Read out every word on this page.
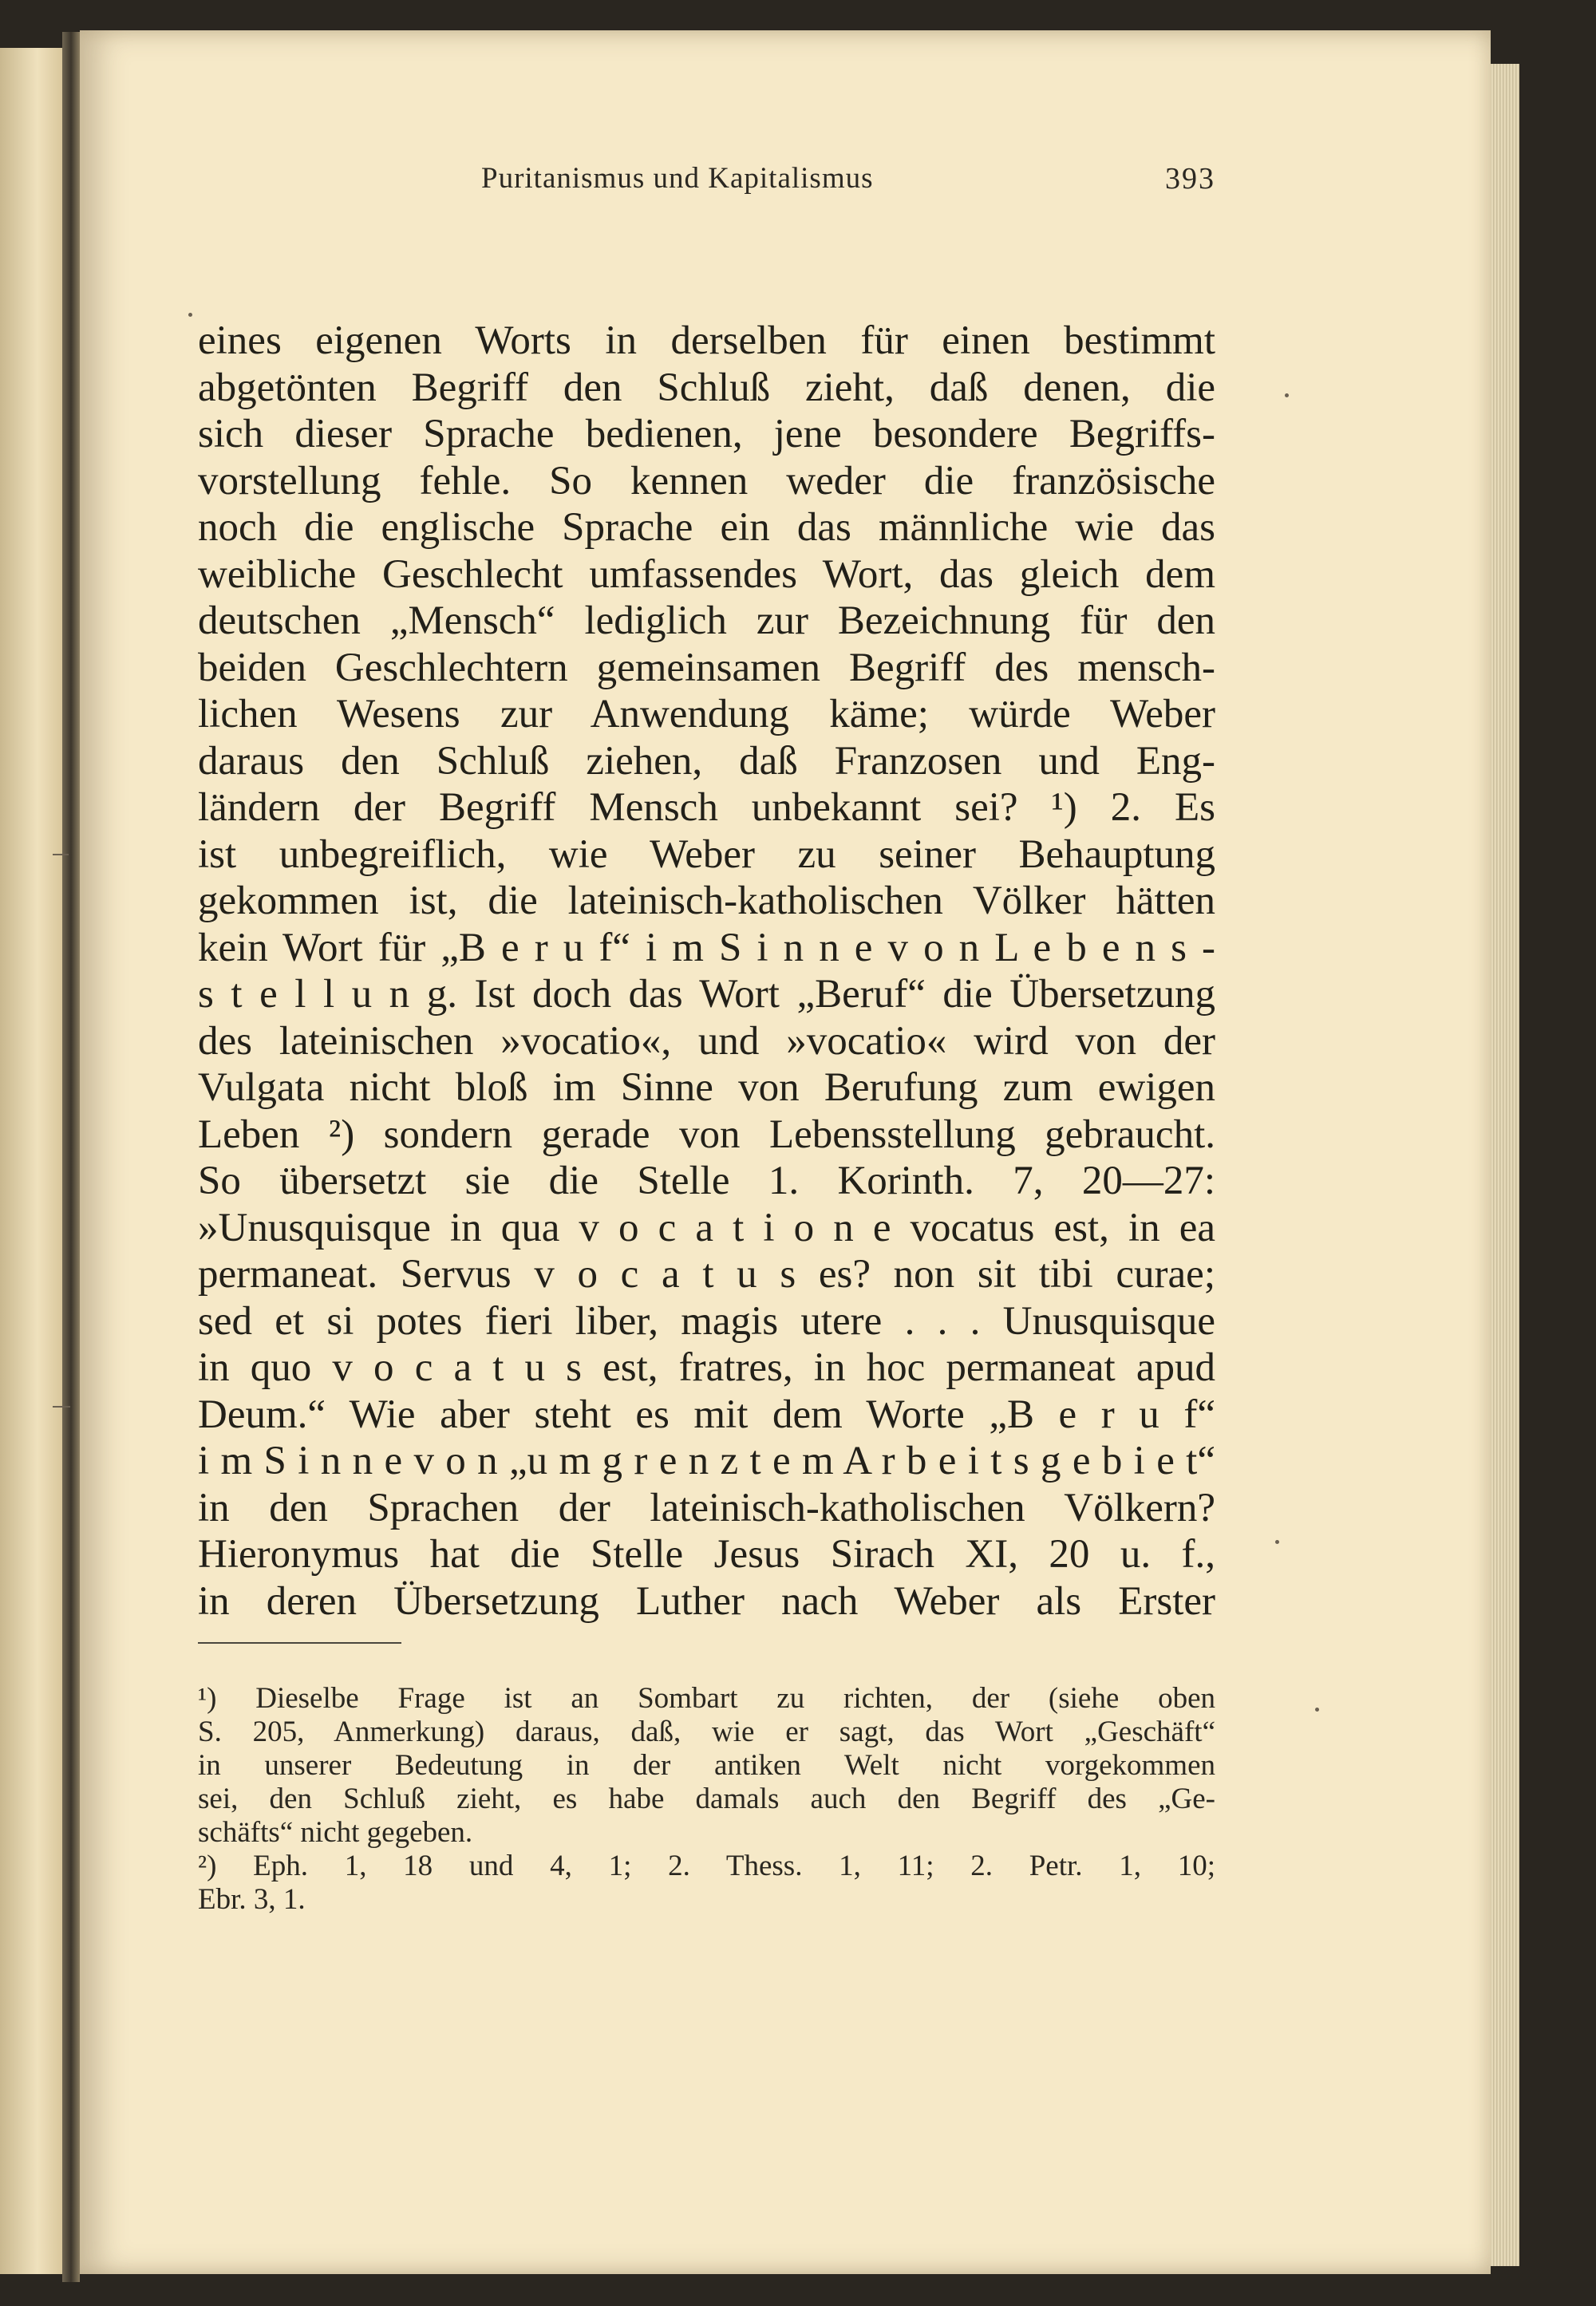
Puritanismus und Kapitalismus	393
eines eigenen Worts in derselben für einen bestimmt
abgetönten Begriff den Schluß zieht, daß denen, die
sich dieser Sprache bedienen, jene besondere Begriffs-
vorstellung fehle. So kennen weder die französische
noch die englische Sprache ein das männliche wie das
weibliche Geschlecht umfassendes Wort, das gleich dem
deutschen „Mensch“ lediglich zur Bezeichnung für den
beiden Geschlechtern gemeinsamen Begriff des mensch-
lichen Wesens zur Anwendung käme; würde Weber
daraus den Schluß ziehen, daß Franzosen und Eng-
ländern der Begriff Mensch unbekannt sei? ¹) 2. Es
ist unbegreiflich, wie Weber zu seiner Behauptung
gekommen ist, die lateinisch-katholischen Völker hätten
kein Wort für „B e r u f“ i m S i n n e v o n L e b e n s -
s t e l l u n g. Ist doch das Wort „Beruf“ die Übersetzung
des lateinischen »vocatio«, und »vocatio« wird von der
Vulgata nicht bloß im Sinne von Berufung zum ewigen
Leben ²) sondern gerade von Lebensstellung gebraucht.
So übersetzt sie die Stelle 1. Korinth. 7, 20—27:
»Unusquisque in qua v o c a t i o n e vocatus est, in ea
permaneat. Servus v o c a t u s es? non sit tibi curae;
sed et si potes fieri liber, magis utere . . . Unusquisque
in quo v o c a t u s est, fratres, in hoc permaneat apud
Deum.“ Wie aber steht es mit dem Worte „B e r u f“
i m S i n n e v o n „u m g r e n z t e m A r b e i t s g e b i e t“
in den Sprachen der lateinisch-katholischen Völkern?
Hieronymus hat die Stelle Jesus Sirach XI, 20 u. f.,
in deren Übersetzung Luther nach Weber als Erster
¹) Dieselbe Frage ist an Sombart zu richten, der (siehe oben
S. 205, Anmerkung) daraus, daß, wie er sagt, das Wort „Geschäft“
in unserer Bedeutung in der antiken Welt nicht vorgekommen
sei, den Schluß zieht, es habe damals auch den Begriff des „Ge-
schäfts“ nicht gegeben.
²) Eph. 1, 18 und 4, 1; 2. Thess. 1, 11; 2. Petr. 1, 10;
Ebr. 3, 1.
